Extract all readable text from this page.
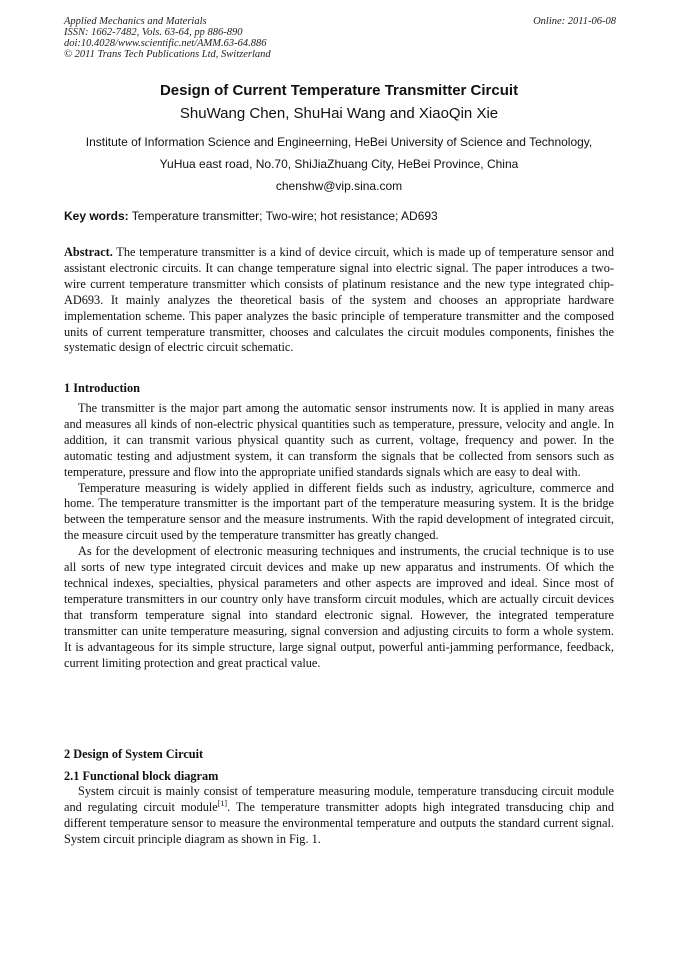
Applied Mechanics and Materials
ISSN: 1662-7482, Vols. 63-64, pp 886-890
doi:10.4028/www.scientific.net/AMM.63-64.886
© 2011 Trans Tech Publications Ltd, Switzerland
Online: 2011-06-08
Design of Current Temperature Transmitter Circuit
ShuWang Chen, ShuHai Wang and XiaoQin Xie
Institute of Information Science and Engineerning, HeBei University of Science and Technology,
YuHua east road, No.70, ShiJiaZhuang City, HeBei Province, China
chenshw@vip.sina.com
Key words: Temperature transmitter; Two-wire; hot resistance; AD693

Abstract. The temperature transmitter is a kind of device circuit, which is made up of temperature sensor and assistant electronic circuits. It can change temperature signal into electric signal. The paper introduces a two-wire current temperature transmitter which consists of platinum resistance and the new type integrated chip-AD693. It mainly analyzes the theoretical basis of the system and chooses an appropriate hardware implementation scheme. This paper analyzes the basic principle of temperature transmitter and the composed units of current temperature transmitter, chooses and calculates the circuit modules components, finishes the systematic design of electric circuit schematic.

1 Introduction

The transmitter is the major part among the automatic sensor instruments now. It is applied in many areas and measures all kinds of non-electric physical quantities such as temperature, pressure, velocity and angle. In addition, it can transmit various physical quantity such as current, voltage, frequency and power. In the automatic testing and adjustment system, it can transform the signals that be collected from sensors such as temperature, pressure and flow into the appropriate unified standards signals which are easy to deal with.

Temperature measuring is widely applied in different fields such as industry, agriculture, commerce and home. The temperature transmitter is the important part of the temperature measuring system. It is the bridge between the temperature sensor and the measure instruments. With the rapid development of integrated circuit, the measure circuit used by the temperature transmitter has greatly changed.

As for the development of electronic measuring techniques and instruments, the crucial technique is to use all sorts of new type integrated circuit devices and make up new apparatus and instruments. Of which the technical indexes, specialties, physical parameters and other aspects are improved and ideal. Since most of temperature transmitters in our country only have transform circuit modules, which are actually circuit devices that transform temperature signal into standard electronic signal. However, the integrated temperature transmitter can unite temperature measuring, signal conversion and adjusting circuits to form a whole system. It is advantageous for its simple structure, large signal output, powerful anti-jamming performance, feedback, current limiting protection and great practical value.

2 Design of System Circuit
2.1 Functional block diagram

System circuit is mainly consist of temperature measuring module, temperature transducing circuit module and regulating circuit module[1]. The temperature transmitter adopts high integrated transducing chip and different temperature sensor to measure the environmental temperature and outputs the standard current signal. System circuit principle diagram as shown in Fig. 1.
